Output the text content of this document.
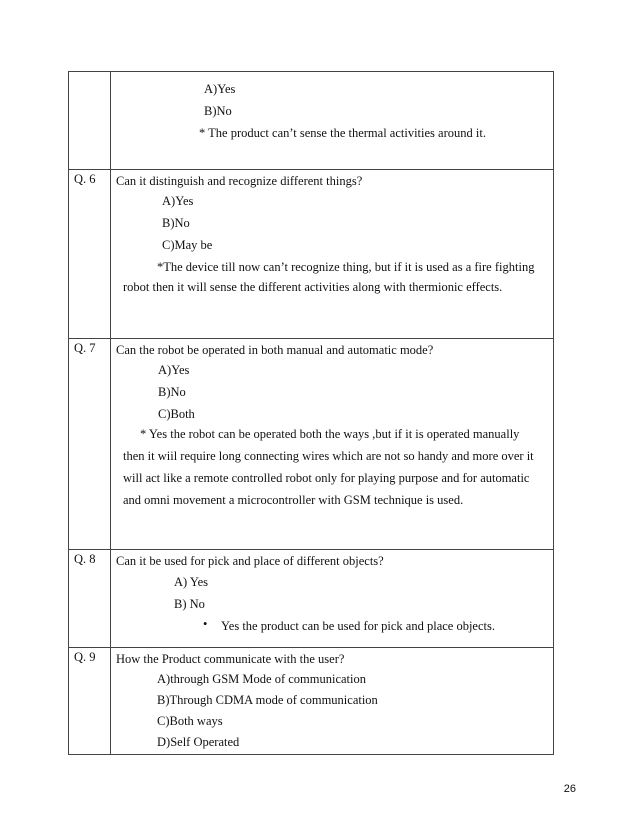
A)Yes
B)No
* The product can’t sense the thermal activities around it.
Q. 6	Can it distinguish and recognize different things?
A)Yes
B)No
C)May be
*The device till now can’t recognize thing, but if it is used as a fire fighting
robot then it will sense the different activities along with thermionic effects.
Q. 7	Can the robot be operated in both manual and automatic mode?
A)Yes
B)No
C)Both
* Yes the robot can be operated both the ways ,but if it is operated manually
then it wiil require long connecting wires which are not so handy and more over it
will act like a remote controlled robot only for playing purpose and for automatic
and omni movement a microcontroller with GSM technique is used.
Q. 8	Can it be used for pick and place of different objects?
A) Yes
B) No
• Yes the product can be used for pick and place objects.
Q. 9	How the Product communicate with the user?
A)through GSM Mode of communication
B)Through CDMA mode of communication
C)Both ways
D)Self Operated
26
